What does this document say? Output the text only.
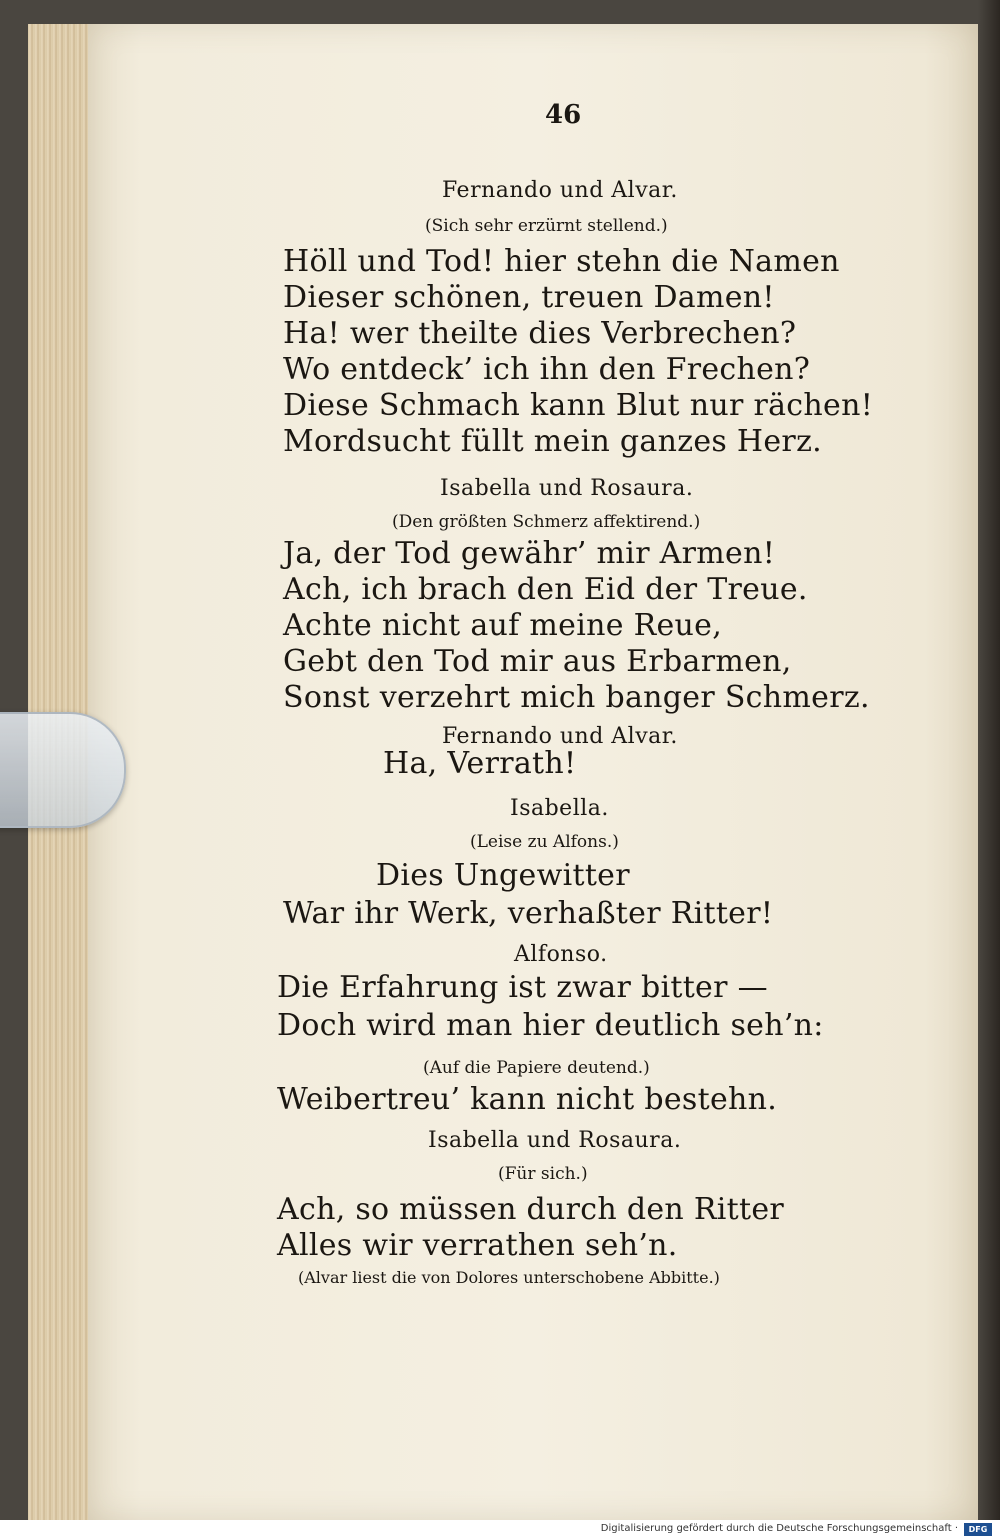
46
Fernando und Alvar.
(Sich sehr erzürnt stellend.)
Höll und Tod! hier stehn die Namen
Dieser schönen, treuen Damen!
Ha! wer theilte dies Verbrechen?
Wo entdeck’ ich ihn den Frechen?
Diese Schmach kann Blut nur rächen!
Mordsucht füllt mein ganzes Herz.
Isabella und Rosaura.
(Den größten Schmerz affektirend.)
Ja, der Tod gewähr’ mir Armen!
Ach, ich brach den Eid der Treue.
Achte nicht auf meine Reue,
Gebt den Tod mir aus Erbarmen,
Sonst verzehrt mich banger Schmerz.
Fernando und Alvar.
Ha, Verrath!
Isabella.
(Leise zu Alfons.)
Dies Ungewitter
War ihr Werk, verhaßter Ritter!
Alfonso.
Die Erfahrung ist zwar bitter —
Doch wird man hier deutlich seh’n:
(Auf die Papiere deutend.)
Weibertreu’ kann nicht bestehn.
Isabella und Rosaura.
(Für sich.)
Ach, so müssen durch den Ritter
Alles wir verrathen seh’n.
(Alvar liest die von Dolores unterschobene Abbitte.)
Digitalisierung gefördert durch die Deutsche Forschungsgemeinschaft ·	DFG
